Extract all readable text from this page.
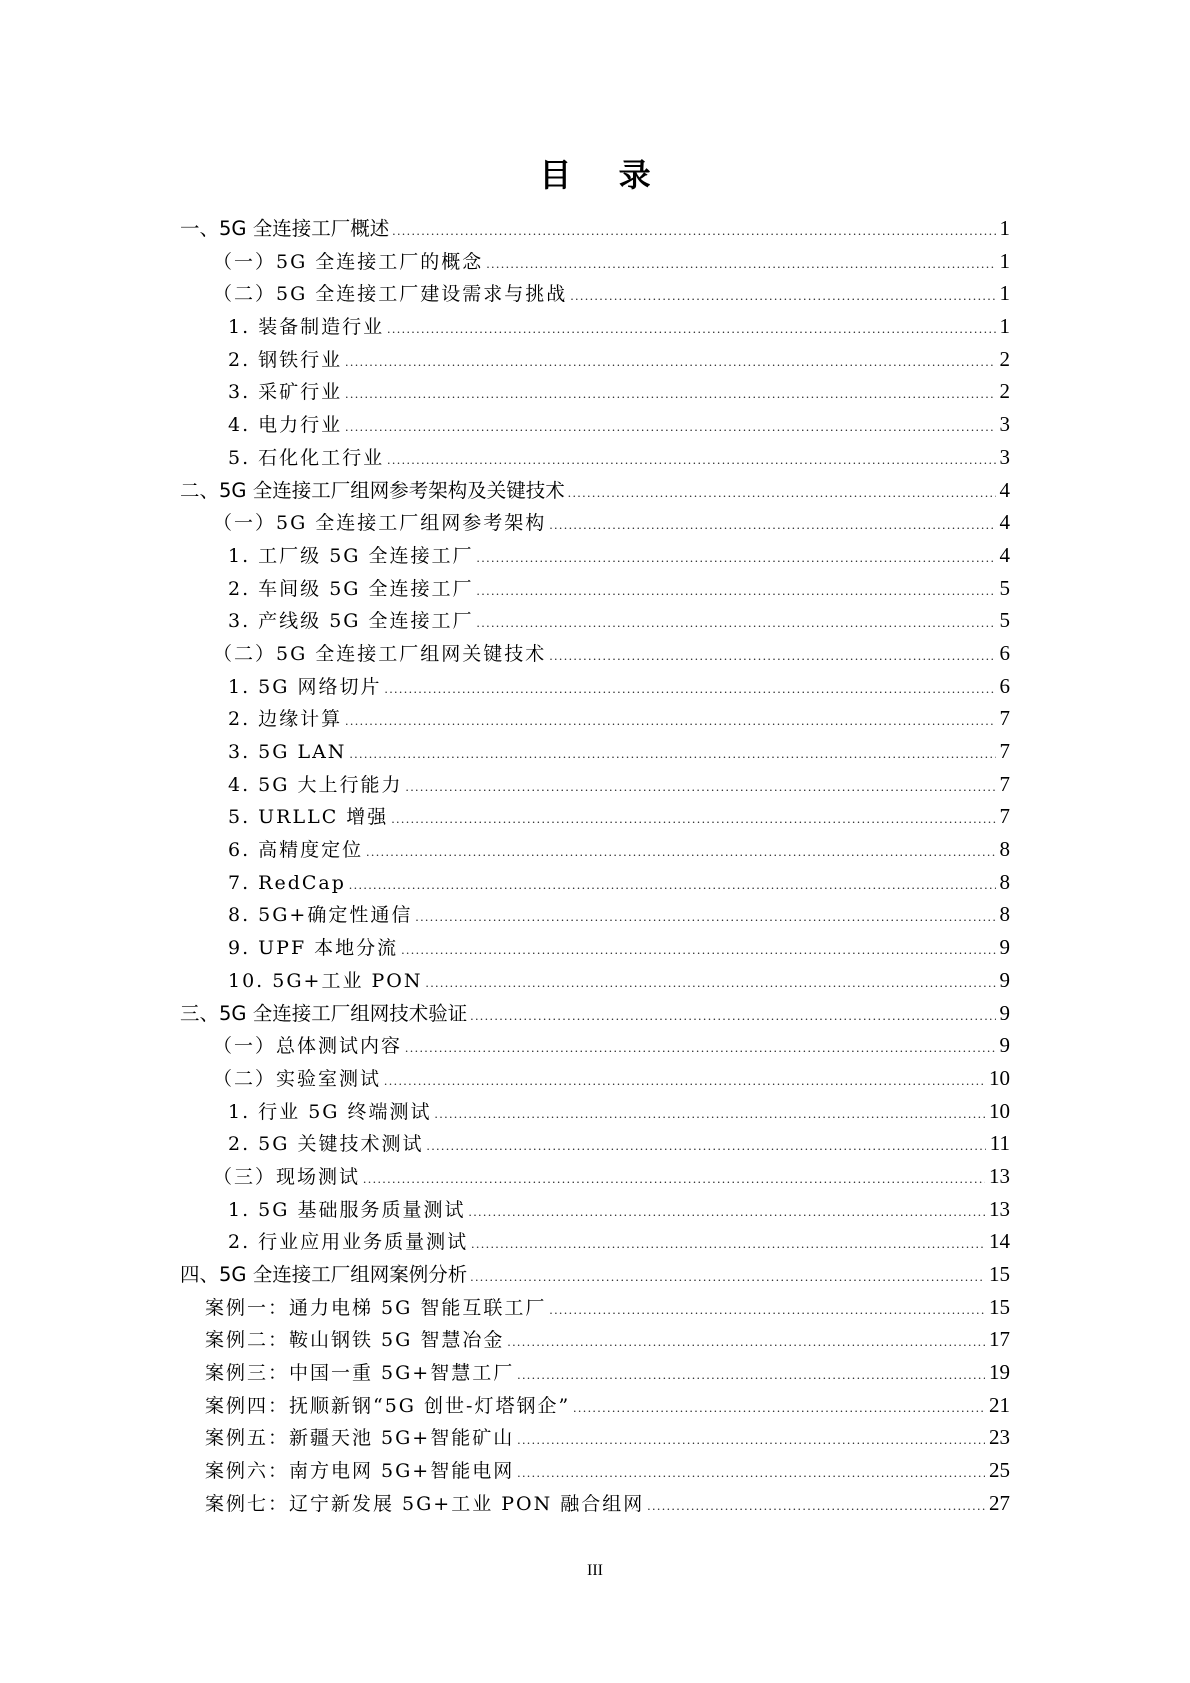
目 录
一、5G 全连接工厂概述 .....	1
（一）5G 全连接工厂的概念 .....	1
（二）5G 全连接工厂建设需求与挑战 .....	1
1. 装备制造行业 .....	1
2. 钢铁行业 .....	2
3. 采矿行业 .....	2
4. 电力行业 .....	3
5. 石化化工行业 .....	3
二、5G 全连接工厂组网参考架构及关键技术 .....	4
（一）5G 全连接工厂组网参考架构 .....	4
1. 工厂级 5G 全连接工厂 .....	4
2. 车间级 5G 全连接工厂 .....	5
3. 产线级 5G 全连接工厂 .....	5
（二）5G 全连接工厂组网关键技术 .....	6
1. 5G 网络切片 .....	6
2. 边缘计算 .....	7
3. 5G LAN .....	7
4. 5G 大上行能力 .....	7
5. URLLC 增强 .....	7
6. 高精度定位 .....	8
7. RedCap .....	8
8. 5G+确定性通信 .....	8
9. UPF 本地分流 .....	9
10. 5G+工业 PON .....	9
三、5G 全连接工厂组网技术验证 .....	9
（一）总体测试内容 .....	9
（二）实验室测试 .....	10
1. 行业 5G 终端测试 .....	10
2. 5G 关键技术测试 .....	11
（三）现场测试 .....	13
1. 5G 基础服务质量测试 .....	13
2. 行业应用业务质量测试 .....	14
四、5G 全连接工厂组网案例分析 .....	15
案例一：通力电梯 5G 智能互联工厂 .....	15
案例二：鞍山钢铁 5G 智慧冶金 .....	17
案例三：中国一重 5G+智慧工厂 .....	19
案例四：抚顺新钢“5G 创世-灯塔钢企” .....	21
案例五：新疆天池 5G+智能矿山 .....	23
案例六：南方电网 5G+智能电网 .....	25
案例七：辽宁新发展 5G+工业 PON 融合组网 .....	27
III
